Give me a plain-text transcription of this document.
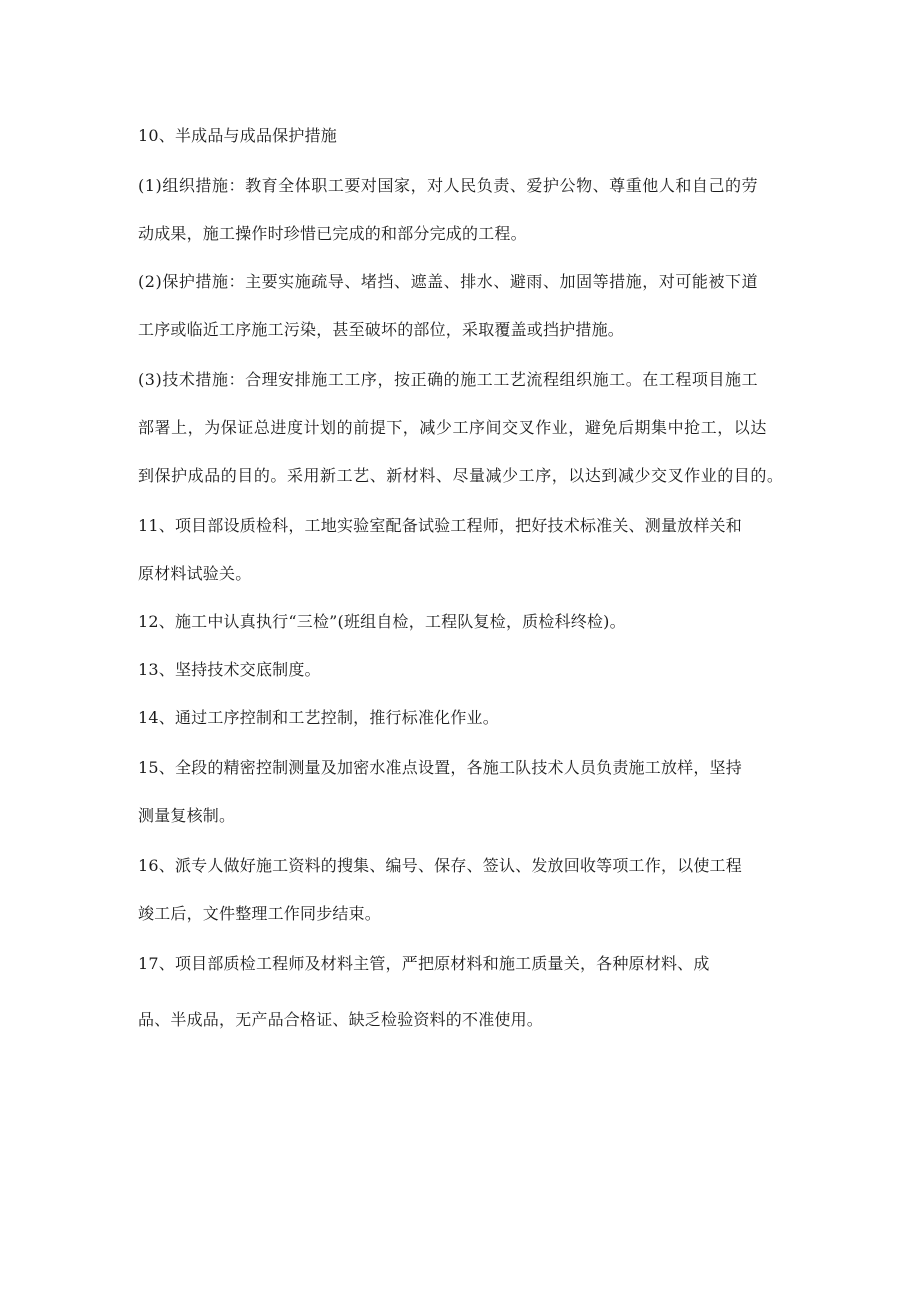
10、半成品与成品保护措施
(1)组织措施：教育全体职工要对国家，对人民负责、爱护公物、尊重他人和自己的劳
动成果，施工操作时珍惜已完成的和部分完成的工程。
(2)保护措施：主要实施疏导、堵挡、遮盖、排水、避雨、加固等措施，对可能被下道
工序或临近工序施工污染，甚至破坏的部位，采取覆盖或挡护措施。
(3)技术措施：合理安排施工工序，按正确的施工工艺流程组织施工。在工程项目施工
部署上，为保证总进度计划的前提下，减少工序间交叉作业，避免后期集中抢工，以达
到保护成品的目的。采用新工艺、新材料、尽量减少工序，以达到减少交叉作业的目的。
11、项目部设质检科，工地实验室配备试验工程师，把好技术标准关、测量放样关和
原材料试验关。
12、施工中认真执行“三检”(班组自检，工程队复检，质检科终检)。
13、坚持技术交底制度。
14、通过工序控制和工艺控制，推行标准化作业。
15、全段的精密控制测量及加密水准点设置，各施工队技术人员负责施工放样，坚持
测量复核制。
16、派专人做好施工资料的搜集、编号、保存、签认、发放回收等项工作，以使工程
竣工后，文件整理工作同步结束。
17、项目部质检工程师及材料主管，严把原材料和施工质量关，各种原材料、成
品、半成品，无产品合格证、缺乏检验资料的不准使用。
